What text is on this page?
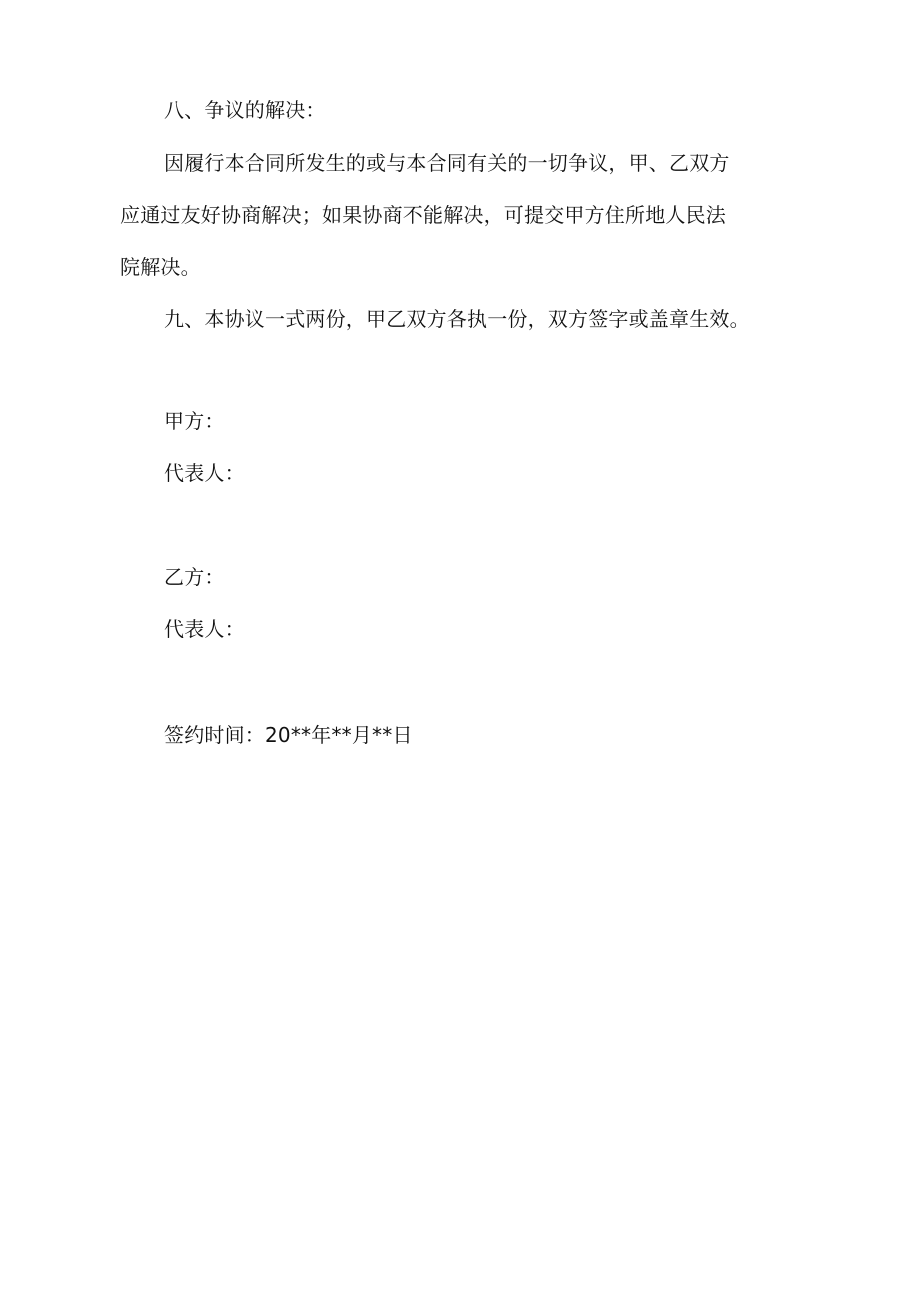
八、争议的解决：
因履行本合同所发生的或与本合同有关的一切争议，甲、乙双方
应通过友好协商解决；如果协商不能解决，可提交甲方住所地人民法
院解决。
九、本协议一式两份，甲乙双方各执一份，双方签字或盖章生效。
甲方：
代表人：
乙方：
代表人：
签约时间：20**年**月**日
